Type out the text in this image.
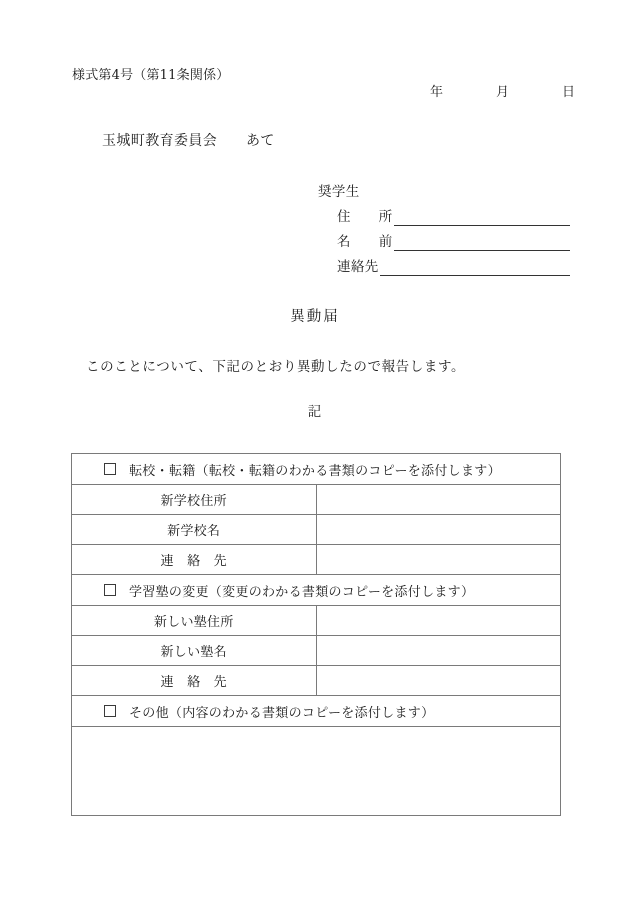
様式第4号（第11条関係）
年　　　　月　　　　日
玉城町教育委員会　　あて
奨学生
住　　所
名　　前
連絡先
異動届
このことについて、下記のとおり異動したので報告します。
記
転校・転籍（転校・転籍のわかる書類のコピーを添付します）	
新学校住所	
新学校名	
連　絡　先	
学習塾の変更（変更のわかる書類のコピーを添付します）	
新しい塾住所	
新しい塾名	
連　絡　先	
その他（内容のわかる書類のコピーを添付します）	
